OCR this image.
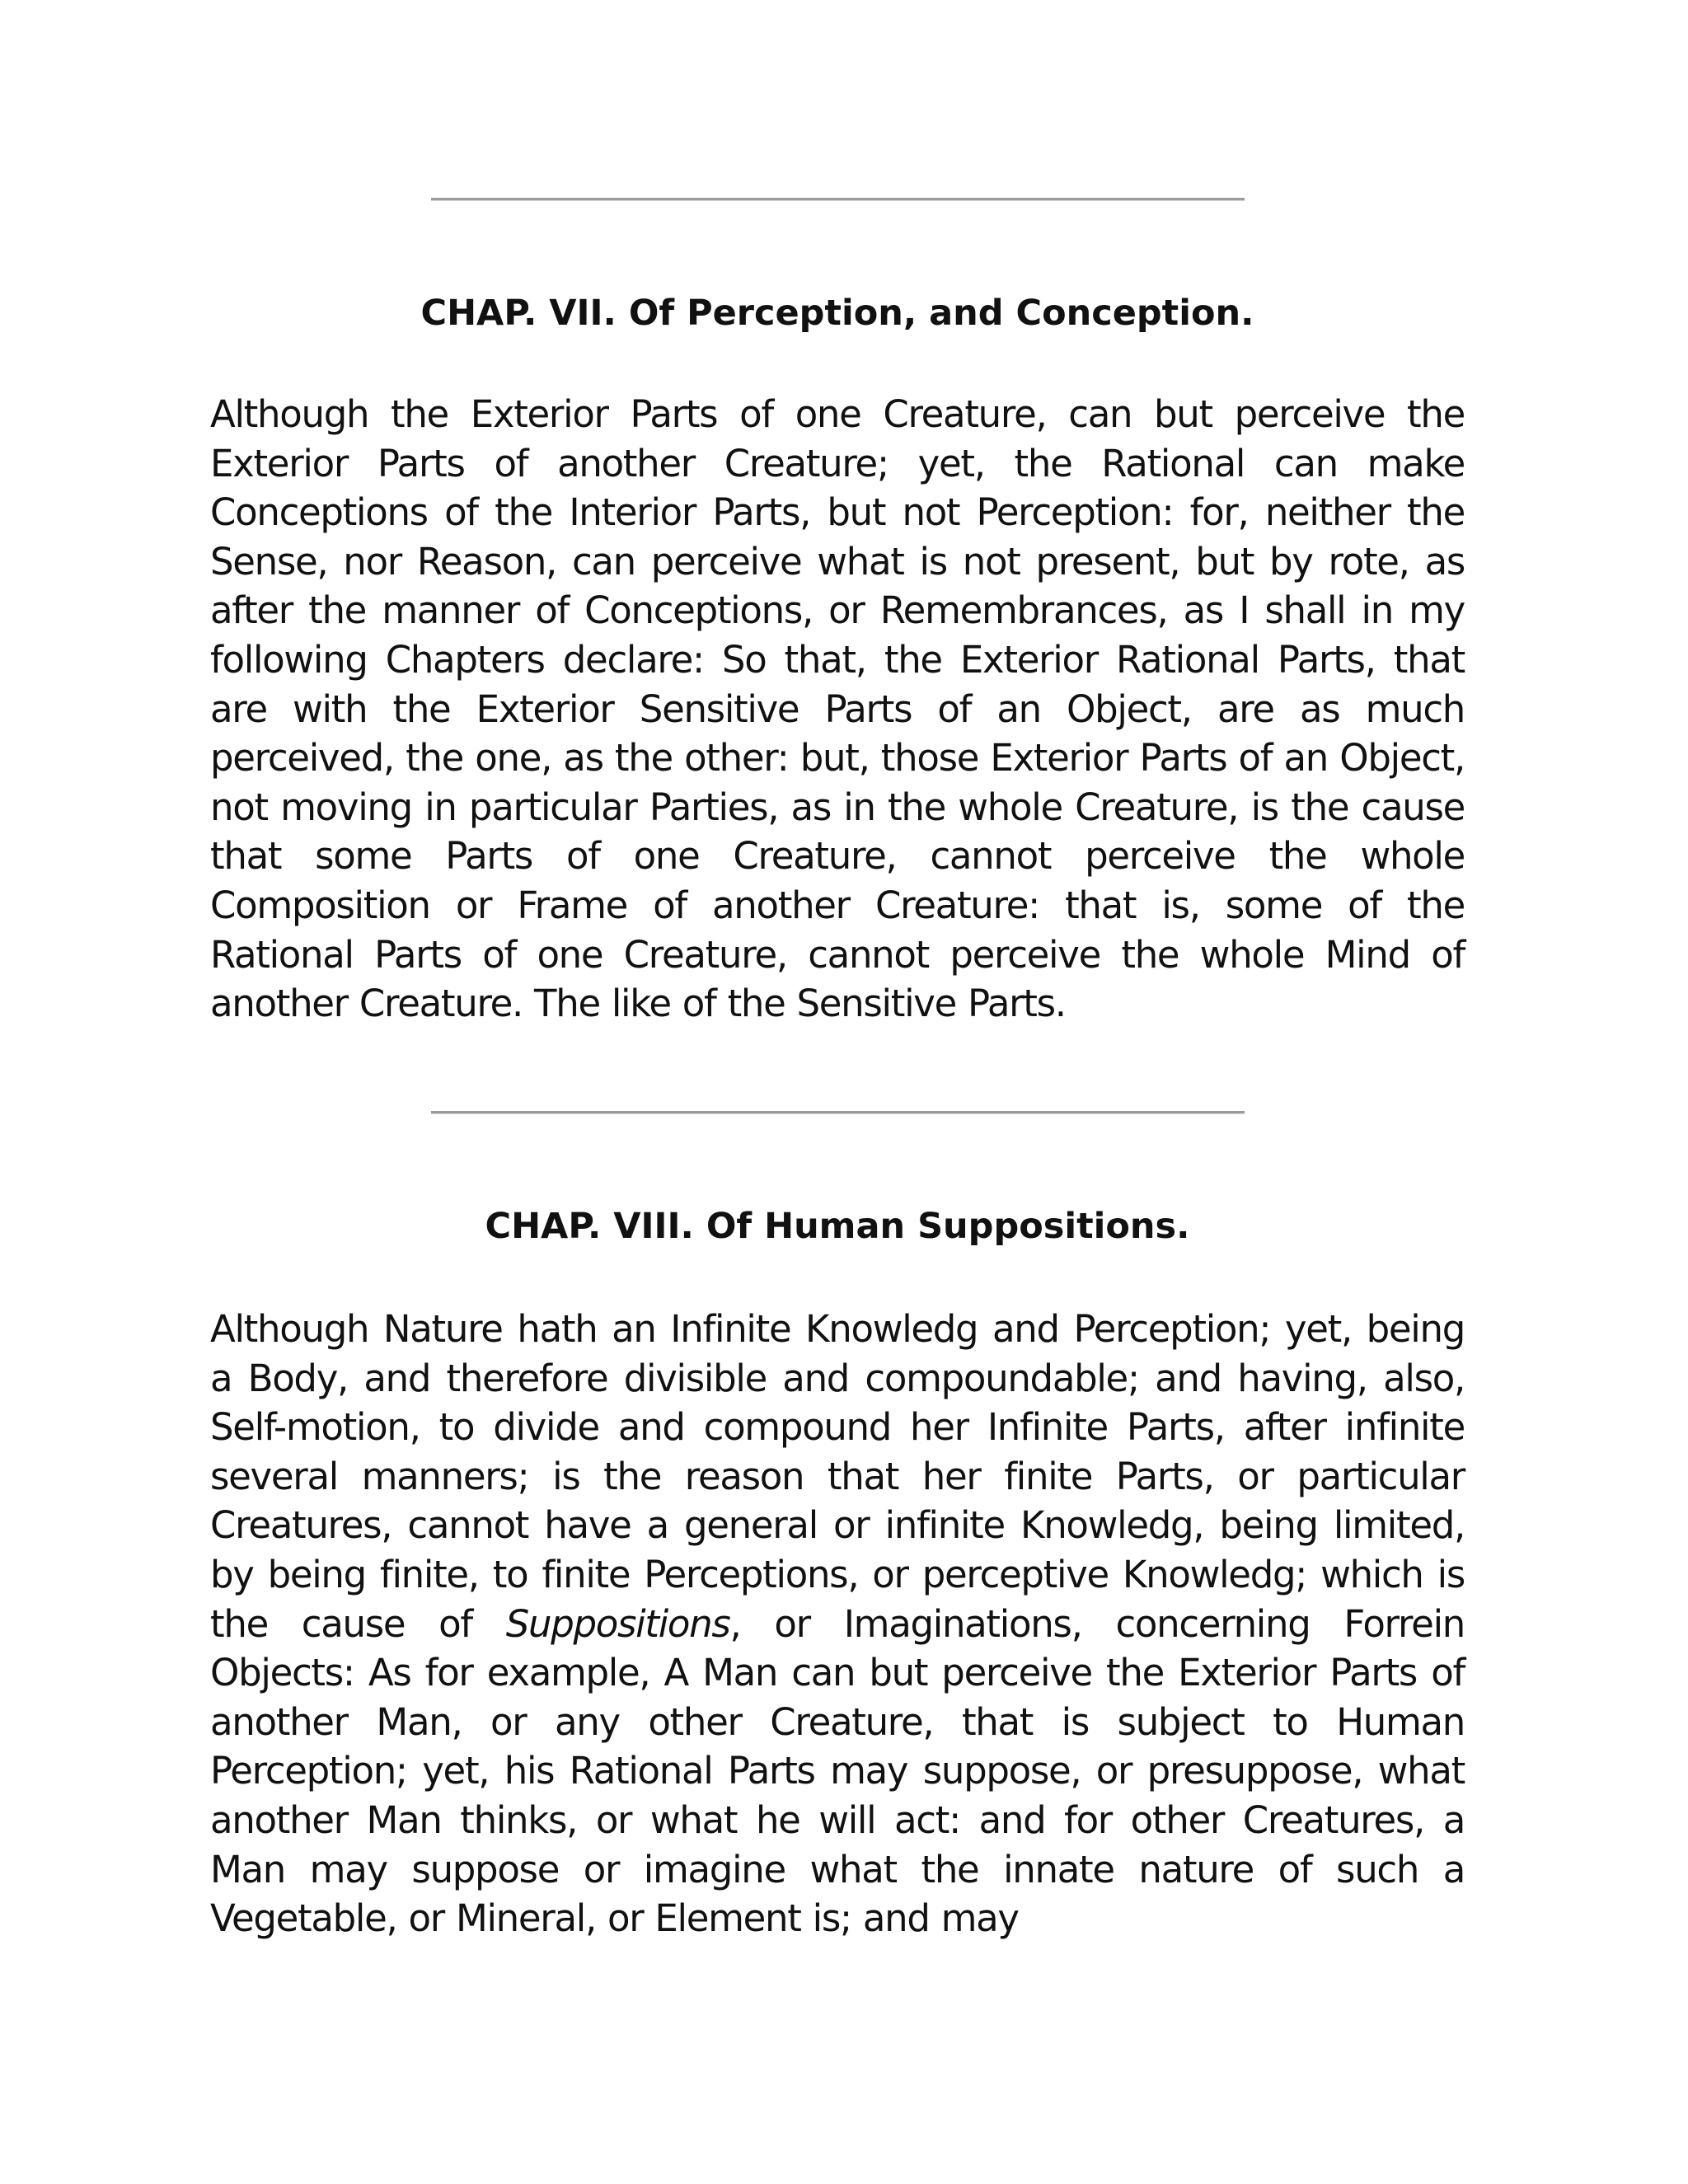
CHAP. VII. Of Perception, and Conception.

Although the Exterior Parts of one Creature, can but perceive the Exterior Parts of another Creature; yet, the Rational can make Conceptions of the Interior Parts, but not Perception: for, neither the Sense, nor Reason, can perceive what is not present, but by rote, as after the manner of Conceptions, or Remembrances, as I shall in my following Chapters declare: So that, the Exterior Rational Parts, that are with the Exterior Sensitive Parts of an Object, are as much perceived, the one, as the other: but, those Exterior Parts of an Object, not moving in particular Parties, as in the whole Creature, is the cause that some Parts of one Creature, cannot perceive the whole Composition or Frame of another Creature: that is, some of the Rational Parts of one Creature, cannot perceive the whole Mind of another Creature. The like of the Sensitive Parts.

CHAP. VIII. Of Human Suppositions.

Although Nature hath an Infinite Knowledg and Perception; yet, being a Body, and therefore divisible and compoundable; and having, also, Self-motion, to divide and compound her Infinite Parts, after infinite several manners; is the reason that her finite Parts, or particular Creatures, cannot have a general or infinite Knowledg, being limited, by being finite, to finite Perceptions, or perceptive Knowledg; which is the cause of Suppositions, or Imaginations, concerning Forrein Objects: As for example, A Man can but perceive the Exterior Parts of another Man, or any other Creature, that is subject to Human Perception; yet, his Rational Parts may suppose, or presuppose, what another Man thinks, or what he will act: and for other Creatures, a Man may suppose or imagine what the innate nature of such a Vegetable, or Mineral, or Element is; and may
